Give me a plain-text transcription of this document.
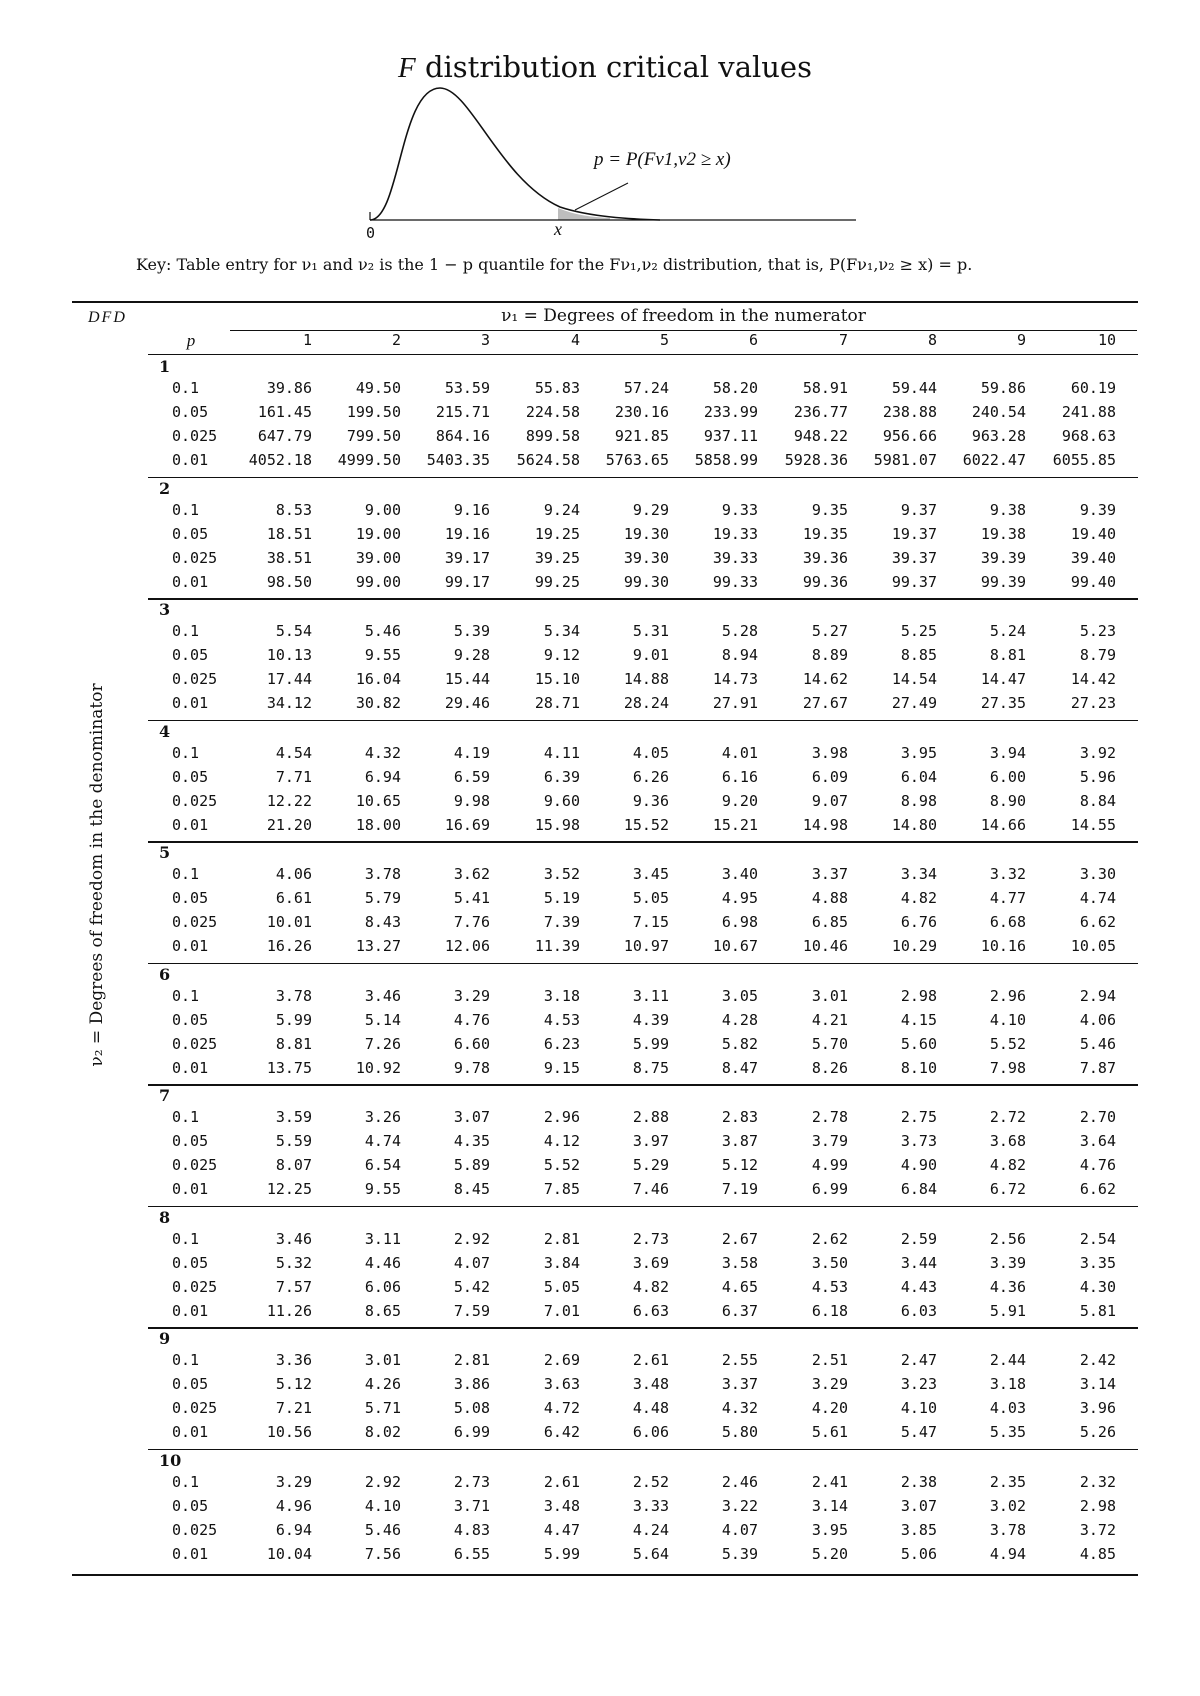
F distribution critical values
0	x
p = P(Fν1,ν2 ≥ x)
Key: Table entry for ν₁ and ν₂ is the 1 − p quantile for the Fν₁,ν₂ distribution, that is, P(Fν₁,ν₂ ≥ x) = p.
DFD	ν₁ = Degrees of freedom in the numerator
ν₂ = Degrees of freedom in the denominator
p	1	2	3	4	5	6	7	8	9	10
1
0.1	39.86	49.50	53.59	55.83	57.24	58.20	58.91	59.44	59.86	60.19
0.05	161.45	199.50	215.71	224.58	230.16	233.99	236.77	238.88	240.54	241.88
0.025	647.79	799.50	864.16	899.58	921.85	937.11	948.22	956.66	963.28	968.63
0.01	4052.18	4999.50	5403.35	5624.58	5763.65	5858.99	5928.36	5981.07	6022.47	6055.85
2
0.1	8.53	9.00	9.16	9.24	9.29	9.33	9.35	9.37	9.38	9.39
0.05	18.51	19.00	19.16	19.25	19.30	19.33	19.35	19.37	19.38	19.40
0.025	38.51	39.00	39.17	39.25	39.30	39.33	39.36	39.37	39.39	39.40
0.01	98.50	99.00	99.17	99.25	99.30	99.33	99.36	99.37	99.39	99.40
3
0.1	5.54	5.46	5.39	5.34	5.31	5.28	5.27	5.25	5.24	5.23
0.05	10.13	9.55	9.28	9.12	9.01	8.94	8.89	8.85	8.81	8.79
0.025	17.44	16.04	15.44	15.10	14.88	14.73	14.62	14.54	14.47	14.42
0.01	34.12	30.82	29.46	28.71	28.24	27.91	27.67	27.49	27.35	27.23
4
0.1	4.54	4.32	4.19	4.11	4.05	4.01	3.98	3.95	3.94	3.92
0.05	7.71	6.94	6.59	6.39	6.26	6.16	6.09	6.04	6.00	5.96
0.025	12.22	10.65	9.98	9.60	9.36	9.20	9.07	8.98	8.90	8.84
0.01	21.20	18.00	16.69	15.98	15.52	15.21	14.98	14.80	14.66	14.55
5
0.1	4.06	3.78	3.62	3.52	3.45	3.40	3.37	3.34	3.32	3.30
0.05	6.61	5.79	5.41	5.19	5.05	4.95	4.88	4.82	4.77	4.74
0.025	10.01	8.43	7.76	7.39	7.15	6.98	6.85	6.76	6.68	6.62
0.01	16.26	13.27	12.06	11.39	10.97	10.67	10.46	10.29	10.16	10.05
6
0.1	3.78	3.46	3.29	3.18	3.11	3.05	3.01	2.98	2.96	2.94
0.05	5.99	5.14	4.76	4.53	4.39	4.28	4.21	4.15	4.10	4.06
0.025	8.81	7.26	6.60	6.23	5.99	5.82	5.70	5.60	5.52	5.46
0.01	13.75	10.92	9.78	9.15	8.75	8.47	8.26	8.10	7.98	7.87
7
0.1	3.59	3.26	3.07	2.96	2.88	2.83	2.78	2.75	2.72	2.70
0.05	5.59	4.74	4.35	4.12	3.97	3.87	3.79	3.73	3.68	3.64
0.025	8.07	6.54	5.89	5.52	5.29	5.12	4.99	4.90	4.82	4.76
0.01	12.25	9.55	8.45	7.85	7.46	7.19	6.99	6.84	6.72	6.62
8
0.1	3.46	3.11	2.92	2.81	2.73	2.67	2.62	2.59	2.56	2.54
0.05	5.32	4.46	4.07	3.84	3.69	3.58	3.50	3.44	3.39	3.35
0.025	7.57	6.06	5.42	5.05	4.82	4.65	4.53	4.43	4.36	4.30
0.01	11.26	8.65	7.59	7.01	6.63	6.37	6.18	6.03	5.91	5.81
9
0.1	3.36	3.01	2.81	2.69	2.61	2.55	2.51	2.47	2.44	2.42
0.05	5.12	4.26	3.86	3.63	3.48	3.37	3.29	3.23	3.18	3.14
0.025	7.21	5.71	5.08	4.72	4.48	4.32	4.20	4.10	4.03	3.96
0.01	10.56	8.02	6.99	6.42	6.06	5.80	5.61	5.47	5.35	5.26
10
0.1	3.29	2.92	2.73	2.61	2.52	2.46	2.41	2.38	2.35	2.32
0.05	4.96	4.10	3.71	3.48	3.33	3.22	3.14	3.07	3.02	2.98
0.025	6.94	5.46	4.83	4.47	4.24	4.07	3.95	3.85	3.78	3.72
0.01	10.04	7.56	6.55	5.99	5.64	5.39	5.20	5.06	4.94	4.85
